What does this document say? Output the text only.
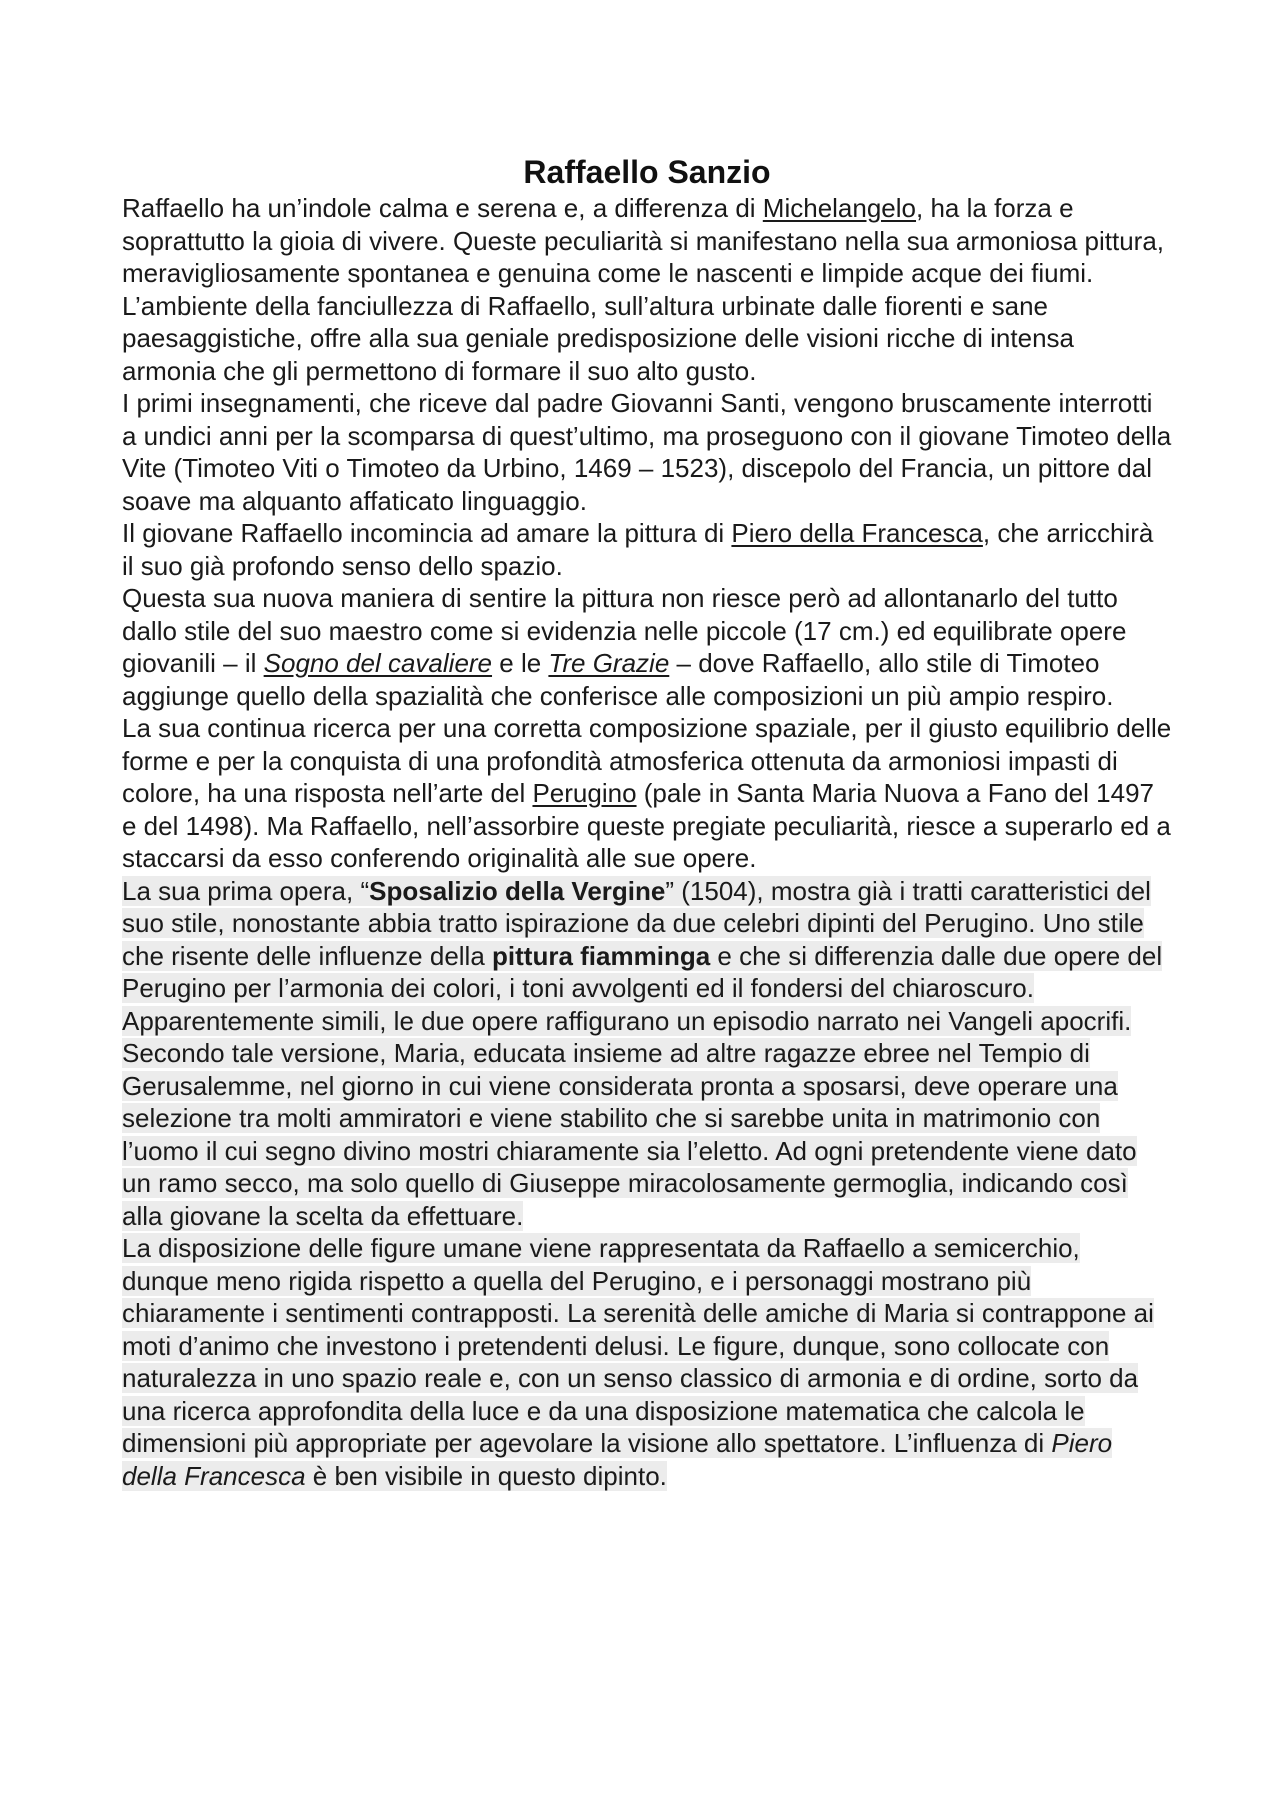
Raffaello Sanzio

Raffaello ha un’indole calma e serena e, a differenza di Michelangelo, ha la forza e soprattutto la gioia di vivere. Queste peculiarità si manifestano nella sua armoniosa pittura, meravigliosamente spontanea e genuina come le nascenti e limpide acque dei fiumi.

L’ambiente della fanciullezza di Raffaello, sull’altura urbinate dalle fiorenti e sane paesaggistiche, offre alla sua geniale predisposizione delle visioni ricche di intensa armonia che gli permettono di formare il suo alto gusto.

I primi insegnamenti, che riceve dal padre Giovanni Santi, vengono bruscamente interrotti a undici anni per la scomparsa di quest’ultimo, ma proseguono con il giovane Timoteo della Vite (Timoteo Viti o Timoteo da Urbino, 1469 – 1523), discepolo del Francia, un pittore dal soave ma alquanto affaticato linguaggio.

Il giovane Raffaello incomincia ad amare la pittura di Piero della Francesca, che arricchirà il suo già profondo senso dello spazio.

Questa sua nuova maniera di sentire la pittura non riesce però ad allontanarlo del tutto dallo stile del suo maestro come si evidenzia nelle piccole (17 cm.) ed equilibrate opere giovanili – il Sogno del cavaliere e le Tre Grazie – dove Raffaello, allo stile di Timoteo aggiunge quello della spazialità che conferisce alle composizioni un più ampio respiro.

La sua continua ricerca per una corretta composizione spaziale, per il giusto equilibrio delle forme e per la conquista di una profondità atmosferica ottenuta da armoniosi impasti di colore, ha una risposta nell’arte del Perugino (pale in Santa Maria Nuova a Fano del 1497 e del 1498). Ma Raffaello, nell’assorbire queste pregiate peculiarità, riesce a superarlo ed a staccarsi da esso conferendo originalità alle sue opere.

La sua prima opera, “Sposalizio della Vergine” (1504), mostra già i tratti caratteristici del suo stile, nonostante abbia tratto ispirazione da due celebri dipinti del Perugino. Uno stile che risente delle influenze della pittura fiamminga e che si differenzia dalle due opere del Perugino per l’armonia dei colori, i toni avvolgenti ed il fondersi del chiaroscuro.

Apparentemente simili, le due opere raffigurano un episodio narrato nei Vangeli apocrifi. Secondo tale versione, Maria, educata insieme ad altre ragazze ebree nel Tempio di Gerusalemme, nel giorno in cui viene considerata pronta a sposarsi, deve operare una selezione tra molti ammiratori e viene stabilito che si sarebbe unita in matrimonio con l’uomo il cui segno divino mostri chiaramente sia l’eletto. Ad ogni pretendente viene dato un ramo secco, ma solo quello di Giuseppe miracolosamente germoglia, indicando così alla giovane la scelta da effettuare.

La disposizione delle figure umane viene rappresentata da Raffaello a semicerchio, dunque meno rigida rispetto a quella del Perugino, e i personaggi mostrano più chiaramente i sentimenti contrapposti. La serenità delle amiche di Maria si contrappone ai moti d’animo che investono i pretendenti delusi. Le figure, dunque, sono collocate con naturalezza in uno spazio reale e, con un senso classico di armonia e di ordine, sorto da una ricerca approfondita della luce e da una disposizione matematica che calcola le dimensioni più appropriate per agevolare la visione allo spettatore. L’influenza di Piero della Francesca è ben visibile in questo dipinto.
